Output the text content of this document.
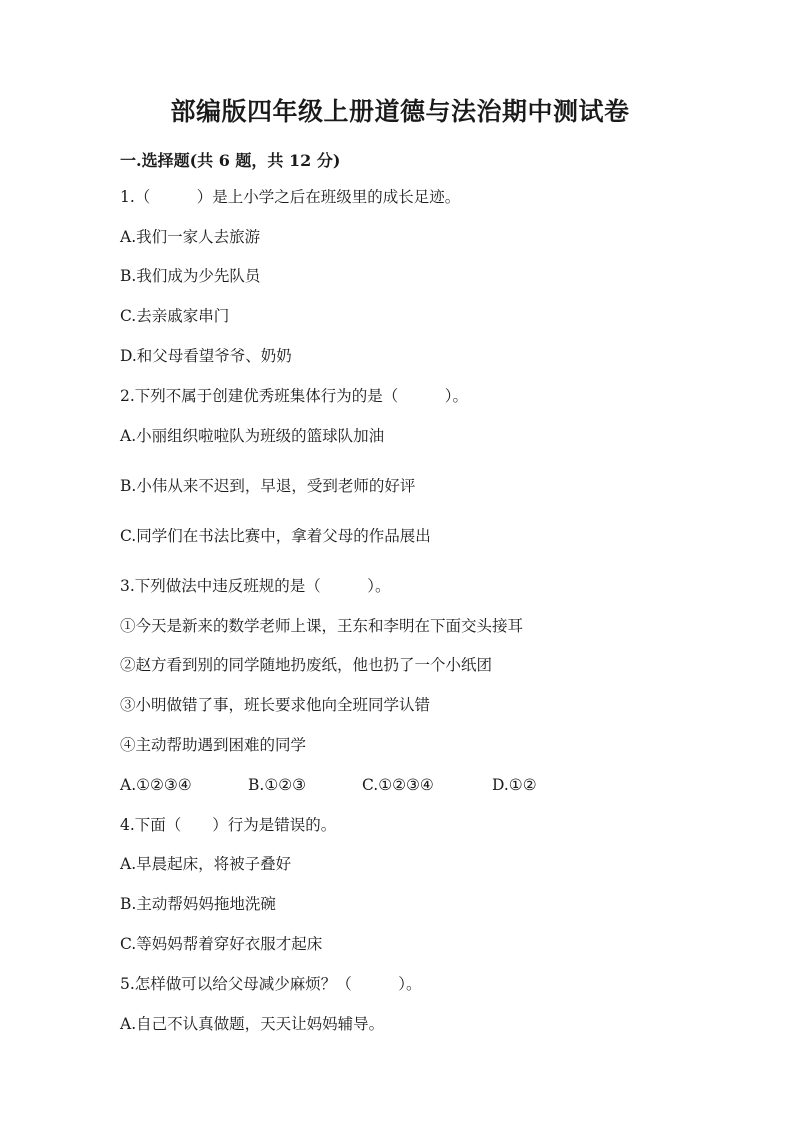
部编版四年级上册道德与法治期中测试卷
一.选择题(共 6 题，共 12 分)
1.（　　　）是上小学之后在班级里的成长足迹。
A.我们一家人去旅游
B.我们成为少先队员
C.去亲戚家串门
D.和父母看望爷爷、奶奶
2.下列不属于创建优秀班集体行为的是（　　　）。
A.小丽组织啦啦队为班级的篮球队加油
B.小伟从来不迟到，早退，受到老师的好评
C.同学们在书法比赛中，拿着父母的作品展出
3.下列做法中违反班规的是（　　　）。
①今天是新来的数学老师上课，王东和李明在下面交头接耳
②赵方看到别的同学随地扔废纸，他也扔了一个小纸团
③小明做错了事，班长要求他向全班同学认错
④主动帮助遇到困难的同学
A.①②③④	B.①②③	C.①②③④	D.①②
4.下面（　　）行为是错误的。
A.早晨起床，将被子叠好
B.主动帮妈妈拖地洗碗
C.等妈妈帮着穿好衣服才起床
5.怎样做可以给父母减少麻烦？（　　　）。
A.自己不认真做题，天天让妈妈辅导。
